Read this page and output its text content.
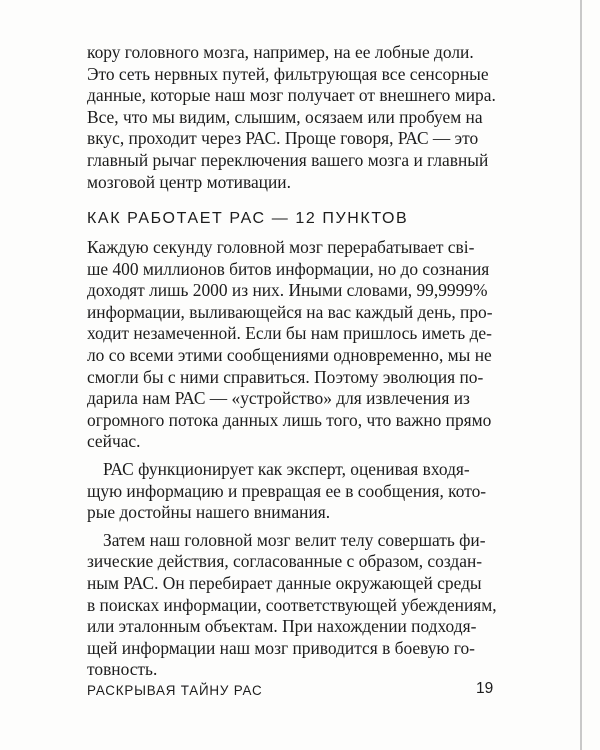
кору головного мозга, например, на ее лобные доли.
Это сеть нервных путей, фильтрующая все сенсорные
данные, которые наш мозг получает от внешнего мира.
Все, что мы видим, слышим, осязаем или пробуем на
вкус, проходит через РАС. Проще говоря, РАС — это
главный рычаг переключения вашего мозга и главный
мозговой центр мотивации.
КАК РАБОТАЕТ РАС — 12 ПУНКТОВ
Каждую секунду головной мозг перерабатывает сві-
ше 400 миллионов битов информации, но до сознания
доходят лишь 2000 из них. Иными словами, 99,9999%
информации, выливающейся на вас каждый день, про-
ходит незамеченной. Если бы нам пришлось иметь де-
ло со всеми этими сообщениями одновременно, мы не
смогли бы с ними справиться. Поэтому эволюция по-
дарила нам РАС — «устройство» для извлечения из
огромного потока данных лишь того, что важно прямо
сейчас.
РАС функционирует как эксперт, оценивая входя-
щую информацию и превращая ее в сообщения, кото-
рые достойны нашего внимания.
Затем наш головной мозг велит телу совершать фи-
зические действия, согласованные с образом, создан-
ным РАС. Он перебирает данные окружающей среды
в поисках информации, соответствующей убеждениям,
или эталонным объектам. При нахождении подходя-
щей информации наш мозг приводится в боевую го-
товность.
РАСКРЫВАЯ ТАЙНУ РАС	19
